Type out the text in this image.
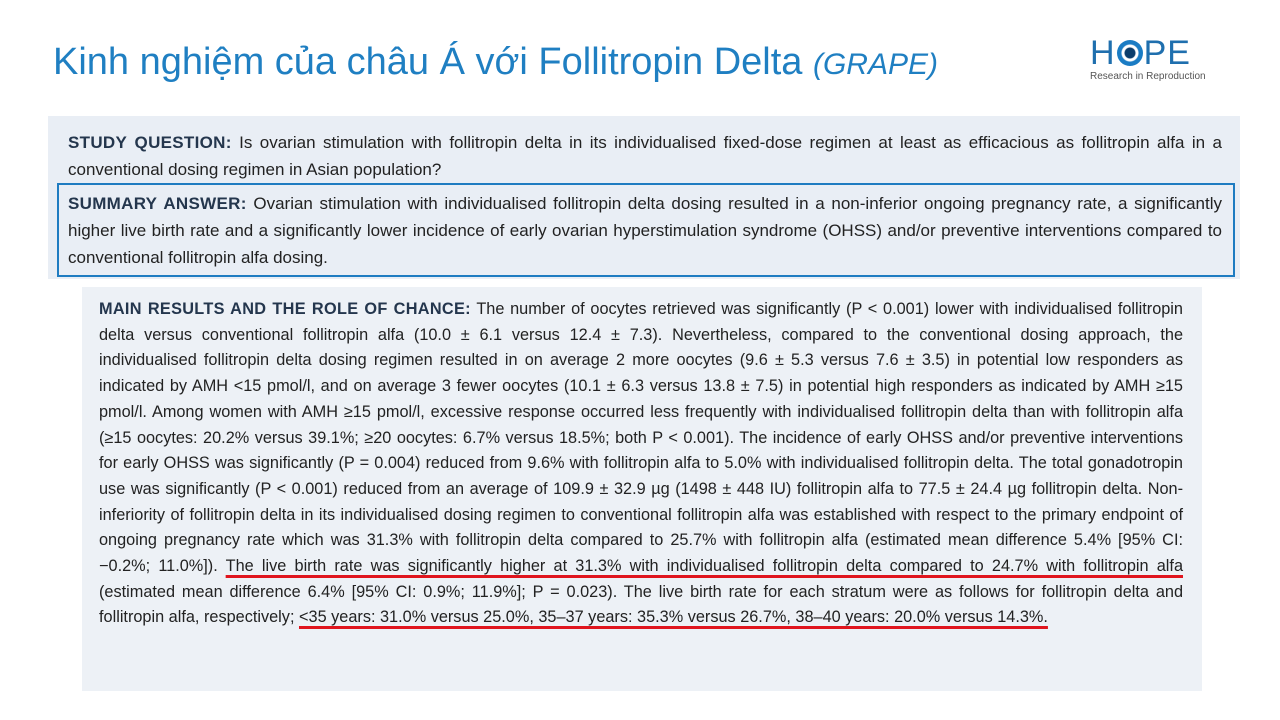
Kinh nghiệm của châu Á với Follitropin Delta (GRAPE)	H PE
Research in Reproduction

STUDY QUESTION: Is ovarian stimulation with follitropin delta in its individualised fixed-dose regimen at least as efficacious as follitropin alfa in a conventional dosing regimen in Asian population?

SUMMARY ANSWER: Ovarian stimulation with individualised follitropin delta dosing resulted in a non-inferior ongoing pregnancy rate, a significantly higher live birth rate and a significantly lower incidence of early ovarian hyperstimulation syndrome (OHSS) and/or preventive interventions compared to conventional follitropin alfa dosing.

MAIN RESULTS AND THE ROLE OF CHANCE: The number of oocytes retrieved was significantly (P < 0.001) lower with individualised follitropin delta versus conventional follitropin alfa (10.0 ± 6.1 versus 12.4 ± 7.3). Nevertheless, compared to the conventional dosing approach, the individualised follitropin delta dosing regimen resulted in on average 2 more oocytes (9.6 ± 5.3 versus 7.6 ± 3.5) in potential low responders as indicated by AMH <15 pmol/l, and on average 3 fewer oocytes (10.1 ± 6.3 versus 13.8 ± 7.5) in potential high responders as indicated by AMH ≥15 pmol/l. Among women with AMH ≥15 pmol/l, excessive response occurred less frequently with individualised follitropin delta than with follitropin alfa (≥15 oocytes: 20.2% versus 39.1%; ≥20 oocytes: 6.7% versus 18.5%; both P < 0.001). The incidence of early OHSS and/or preventive interventions for early OHSS was significantly (P = 0.004) reduced from 9.6% with follitropin alfa to 5.0% with individualised follitropin delta. The total gonadotropin use was significantly (P < 0.001) reduced from an average of 109.9 ± 32.9 µg (1498 ± 448 IU) follitropin alfa to 77.5 ± 24.4 µg follitropin delta. Non-inferiority of follitropin delta in its individualised dosing regimen to conventional follitropin alfa was established with respect to the primary endpoint of ongoing pregnancy rate which was 31.3% with follitropin delta compared to 25.7% with follitropin alfa (estimated mean difference 5.4% [95% CI: −0.2%; 11.0%]). The live birth rate was significantly higher at 31.3% with individualised follitropin delta compared to 24.7% with follitropin alfa (estimated mean difference 6.4% [95% CI: 0.9%; 11.9%]; P = 0.023). The live birth rate for each stratum were as follows for follitropin delta and follitropin alfa, respectively; <35 years: 31.0% versus 25.0%, 35–37 years: 35.3% versus 26.7%, 38–40 years: 20.0% versus 14.3%.
